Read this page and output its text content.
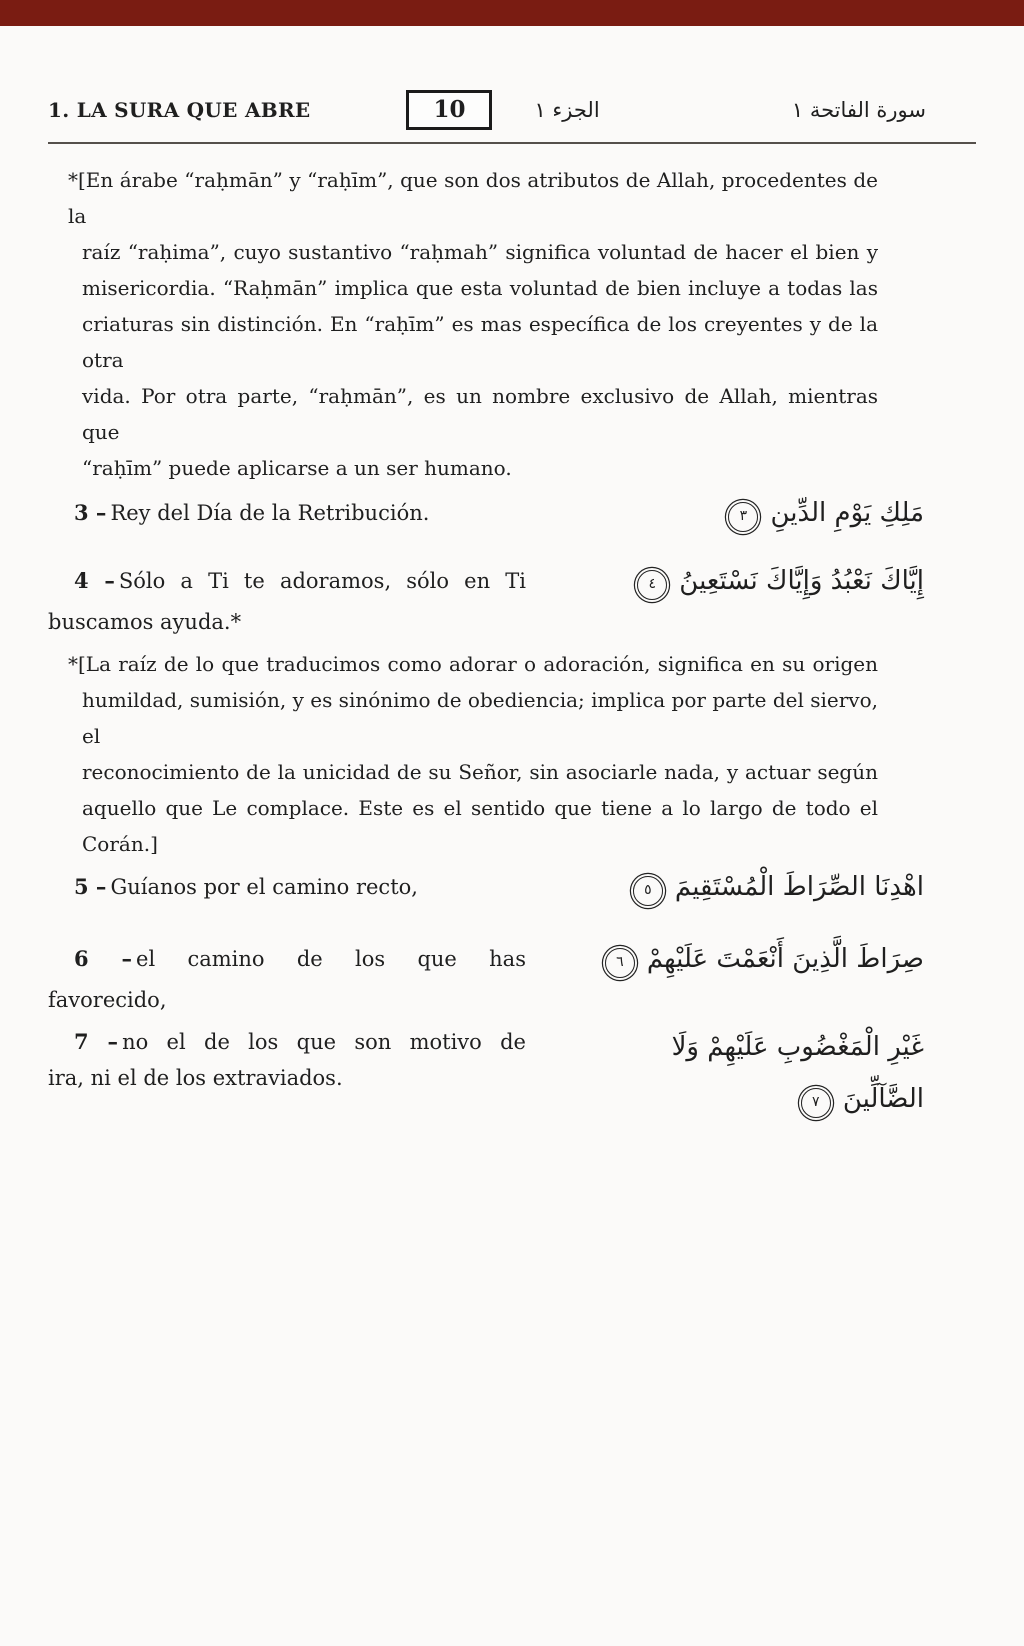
1. LA SURA QUE ABRE	10	الجزء ١	سورة الفاتحة ١
*[En árabe “raḥmān” y “raḥīm”, que son dos atributos de Allah, procedentes de la
raíz “raḥima”, cuyo sustantivo “raḥmah” significa voluntad de hacer el bien y
misericordia. “Raḥmān” implica que esta voluntad de bien incluye a todas las
criaturas sin distinción. En “raḥīm” es mas específica de los creyentes y de la otra
vida. Por otra parte, “raḥmān”, es un nombre exclusivo de Allah, mientras que
“raḥīm” puede aplicarse a un ser humano.
3 – Rey del Día de la Retribución.	مَلِكِ يَوْمِ الدِّينِ٣
4 – Sólo a Ti te adoramos, sólo en Ti	إِيَّاكَ نَعْبُدُ وَإِيَّاكَ نَسْتَعِينُ٤
buscamos ayuda.*
*[La raíz de lo que traducimos como adorar o adoración, significa en su origen
humildad, sumisión, y es sinónimo de obediencia; implica por parte del siervo, el
reconocimiento de la unicidad de su Señor, sin asociarle nada, y actuar según
aquello que Le complace. Este es el sentido que tiene a lo largo de todo el
Corán.]
5 – Guíanos por el camino recto,	اهْدِنَا الصِّرَاطَ الْمُسْتَقِيمَ٥
6 – el camino de los que has	صِرَاطَ الَّذِينَ أَنْعَمْتَ عَلَيْهِمْ٦
favorecido,
7 – no el de los que son motivo de
ira, ni el de los extraviados.
غَيْرِ الْمَغْضُوبِ عَلَيْهِمْ وَلَا
الضَّآلِّينَ٧
